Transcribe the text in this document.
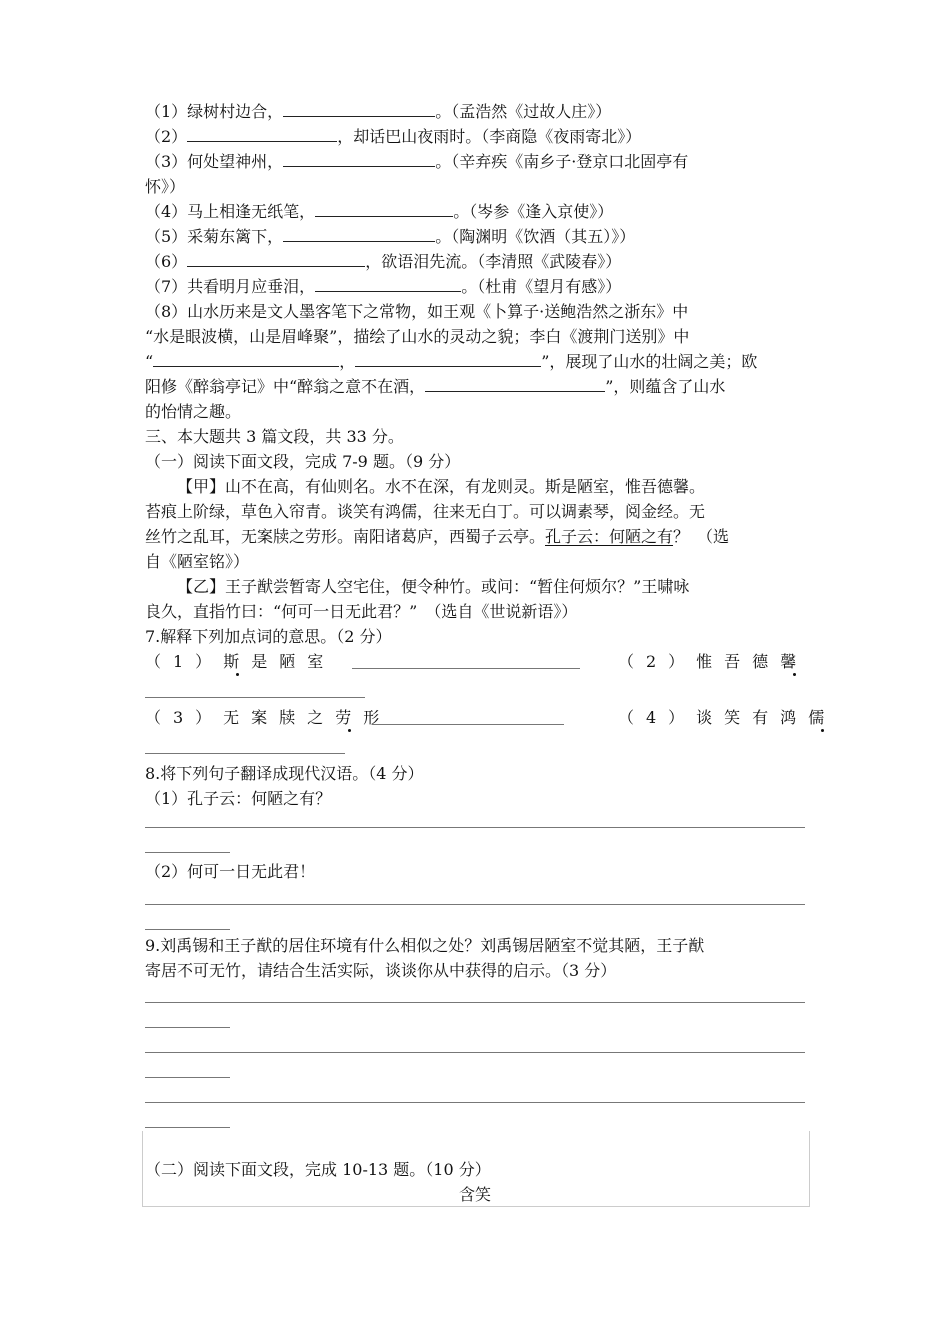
（1）绿树村边合，	。（孟浩然《过故人庄》）
（2）	，却话巴山夜雨时。（李商隐《夜雨寄北》）
（3）何处望神州，	。（辛弃疾《南乡子·登京口北固亭有
怀》）
（4）马上相逢无纸笔，	。（岑参《逢入京使》）
（5）采菊东篱下，	。（陶渊明《饮酒（其五）》）
（6）	，欲语泪先流。（李清照《武陵春》）
（7）共看明月应垂泪，	。（杜甫《望月有感》）
（8）山水历来是文人墨客笔下之常物，如王观《卜算子·送鲍浩然之浙东》中
“水是眼波横，山是眉峰聚”，描绘了山水的灵动之貌；李白《渡荆门送别》中
“	，	”，展现了山水的壮阔之美；欧
阳修《醉翁亭记》中“醉翁之意不在酒，	”，则蕴含了山水
的怡情之趣。
三、本大题共 3 篇文段，共 33 分。
（一）阅读下面文段，完成 7-9 题。（9 分）
【甲】山不在高，有仙则名。水不在深，有龙则灵。斯是陋室，惟吾德馨。
苔痕上阶绿，草色入帘青。谈笑有鸿儒，往来无白丁。可以调素琴，阅金经。无
丝竹之乱耳，无案牍之劳形。南阳诸葛庐，西蜀子云亭。孔子云：何陋之有？　（选
自《陋室铭》）
【乙】王子猷尝暂寄人空宅住，便令种竹。或问：“暂住何烦尔？”王啸咏
良久，直指竹曰：“何可一日无此君？”　（选自《世说新语》）
7.解释下列加点词的意思。（2 分）
（1）斯是陋室	（2）惟吾德馨
（3）无案牍之劳形	（4）谈笑有鸿儒
8.将下列句子翻译成现代汉语。（4 分）
（1）孔子云：何陋之有？
（2）何可一日无此君！
9.刘禹锡和王子猷的居住环境有什么相似之处？刘禹锡居陋室不觉其陋，王子猷
寄居不可无竹，请结合生活实际，谈谈你从中获得的启示。（3 分）
（二）阅读下面文段，完成 10-13 题。（10 分）
含笑
